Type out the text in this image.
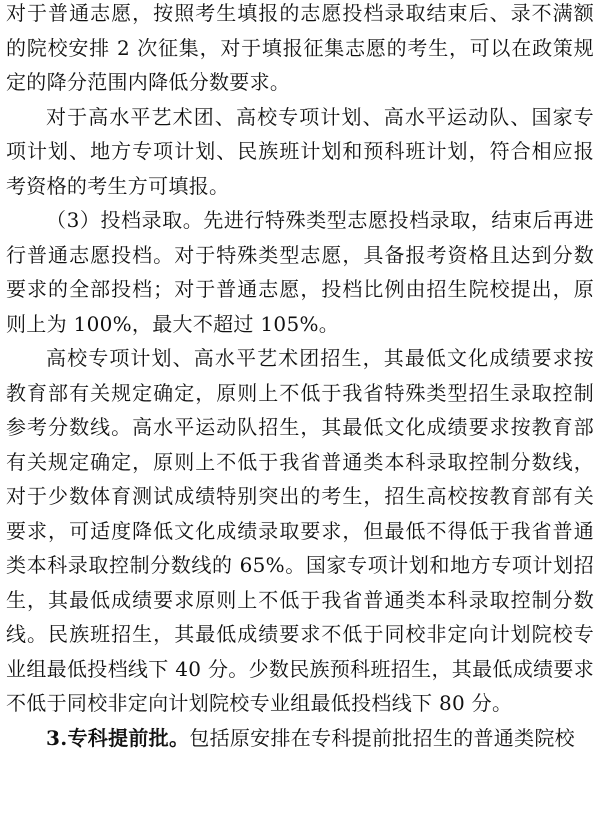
对于普通志愿，按照考生填报的志愿投档录取结束后、录不满额的院校安排 2 次征集，对于填报征集志愿的考生，可以在政策规定的降分范围内降低分数要求。

对于高水平艺术团、高校专项计划、高水平运动队、国家专项计划、地方专项计划、民族班计划和预科班计划，符合相应报考资格的考生方可填报。

（3）投档录取。先进行特殊类型志愿投档录取，结束后再进行普通志愿投档。对于特殊类型志愿，具备报考资格且达到分数要求的全部投档；对于普通志愿，投档比例由招生院校提出，原则上为 100%，最大不超过 105%。

高校专项计划、高水平艺术团招生，其最低文化成绩要求按教育部有关规定确定，原则上不低于我省特殊类型招生录取控制参考分数线。高水平运动队招生，其最低文化成绩要求按教育部有关规定确定，原则上不低于我省普通类本科录取控制分数线，对于少数体育测试成绩特别突出的考生，招生高校按教育部有关要求，可适度降低文化成绩录取要求，但最低不得低于我省普通类本科录取控制分数线的 65%。国家专项计划和地方专项计划招生，其最低成绩要求原则上不低于我省普通类本科录取控制分数线。民族班招生，其最低成绩要求不低于同校非定向计划院校专业组最低投档线下 40 分。少数民族预科班招生，其最低成绩要求不低于同校非定向计划院校专业组最低投档线下 80 分。

3.专科提前批。包括原安排在专科提前批招生的普通类院校
